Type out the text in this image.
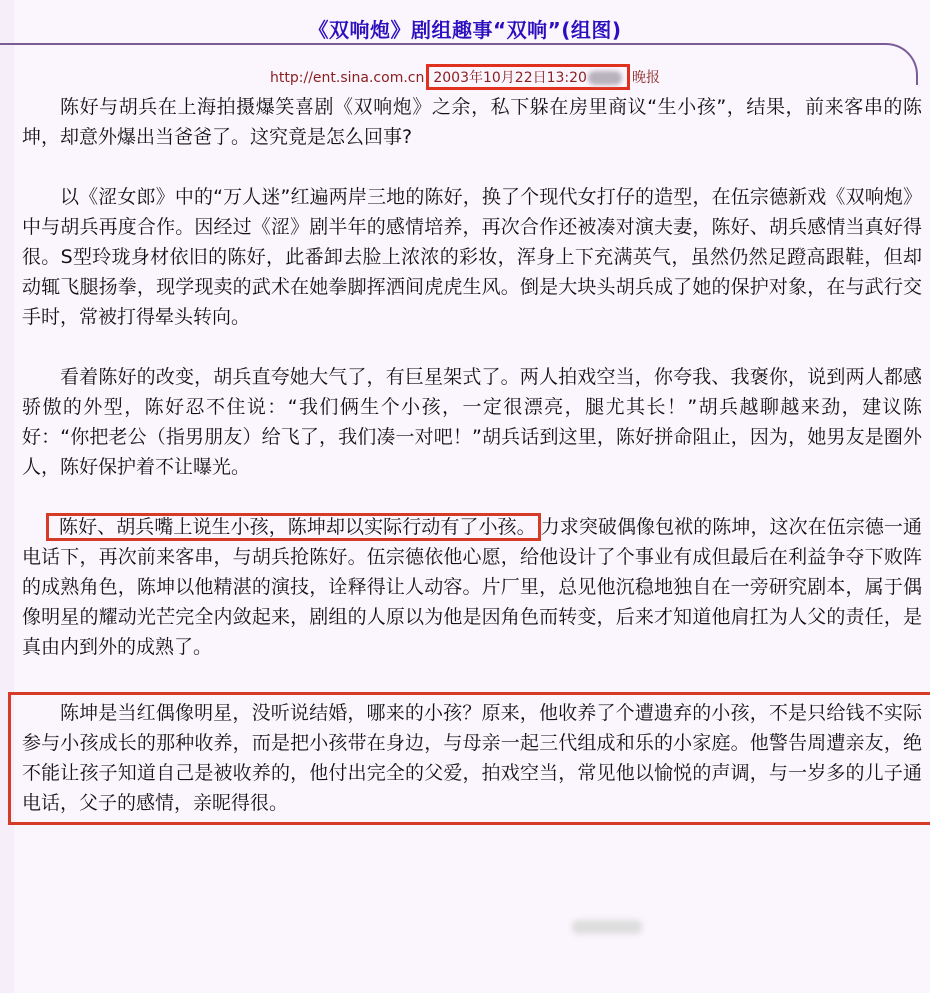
《双响炮》剧组趣事“双响”(组图)
http://ent.sina.com.cn 2003年10月22日13:20	晚报

陈好与胡兵在上海拍摄爆笑喜剧《双响炮》之余，私下躲在房里商议“生小孩”，结果，前来客串的陈坤，却意外爆出当爸爸了。这究竟是怎么回事?

以《涩女郎》中的“万人迷”红遍两岸三地的陈好，换了个现代女打仔的造型，在伍宗德新戏《双响炮》中与胡兵再度合作。因经过《涩》剧半年的感情培养，再次合作还被凑对演夫妻，陈好、胡兵感情当真好得很。S型玲珑身材依旧的陈好，此番卸去脸上浓浓的彩妆，浑身上下充满英气，虽然仍然足蹬高跟鞋，但却动辄飞腿扬拳，现学现卖的武术在她拳脚挥洒间虎虎生风。倒是大块头胡兵成了她的保护对象，在与武行交手时，常被打得晕头转向。

看着陈好的改变，胡兵直夸她大气了，有巨星架式了。两人拍戏空当，你夸我、我褒你，说到两人都感骄傲的外型，陈好忍不住说：“我们俩生个小孩，一定很漂亮，腿尤其长！”胡兵越聊越来劲，建议陈好：“你把老公（指男朋友）给飞了，我们凑一对吧！”胡兵话到这里，陈好拼命阻止，因为，她男友是圈外人，陈好保护着不让曝光。

陈好、胡兵嘴上说生小孩，陈坤却以实际行动有了小孩。 力求突破偶像包袱的陈坤，这次在伍宗德一通电话下，再次前来客串，与胡兵抢陈好。伍宗德依他心愿，给他设计了个事业有成但最后在利益争夺下败阵的成熟角色，陈坤以他精湛的演技，诠释得让人动容。片厂里，总见他沉稳地独自在一旁研究剧本，属于偶像明星的耀动光芒完全内敛起来，剧组的人原以为他是因角色而转变，后来才知道他肩扛为人父的责任，是真由内到外的成熟了。

陈坤是当红偶像明星，没听说结婚，哪来的小孩？原来，他收养了个遭遗弃的小孩，不是只给钱不实际参与小孩成长的那种收养，而是把小孩带在身边，与母亲一起三代组成和乐的小家庭。他警告周遭亲友，绝不能让孩子知道自己是被收养的，他付出完全的父爱，拍戏空当，常见他以愉悦的声调，与一岁多的儿子通电话，父子的感情，亲昵得很。
